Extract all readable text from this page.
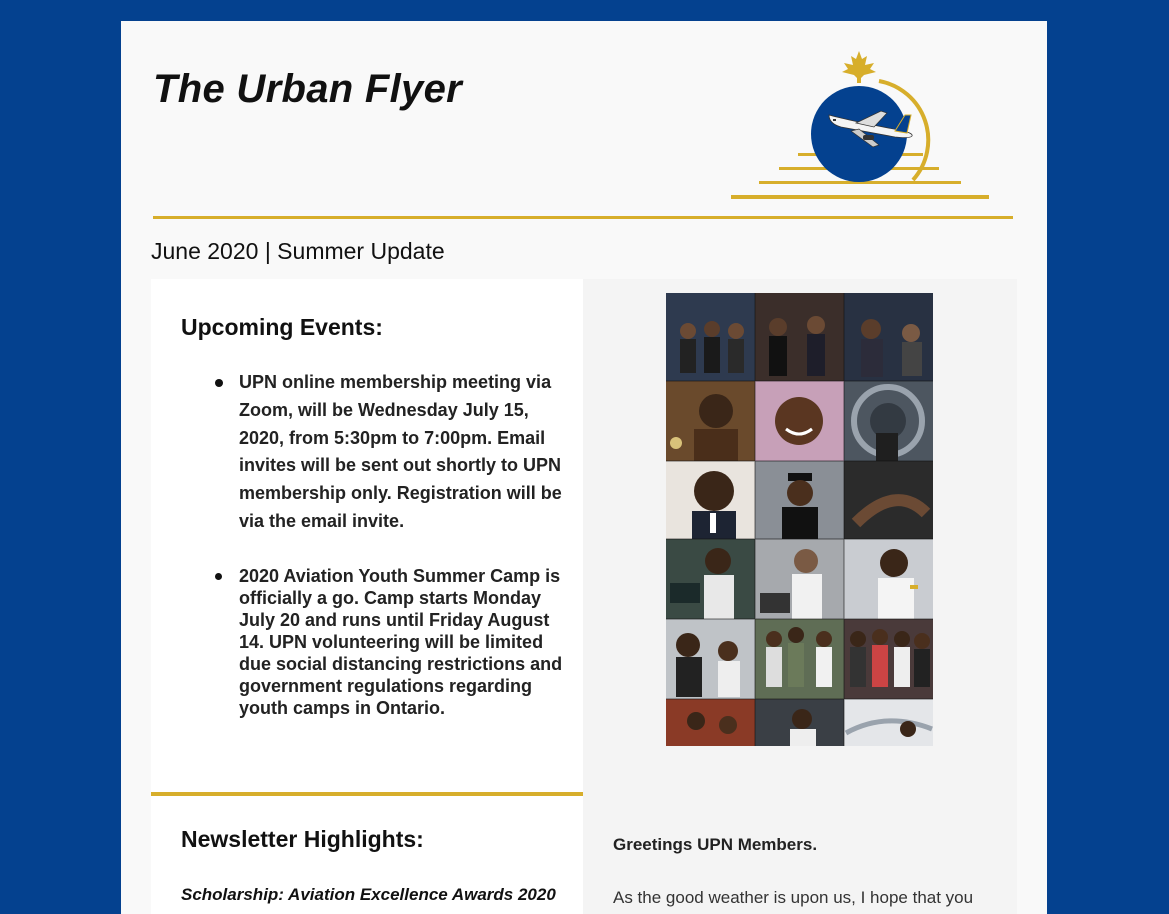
The Urban Flyer
June 2020 | Summer Update
Upcoming Events:
UPN online membership meeting via Zoom, will be Wednesday July 15, 2020, from 5:30pm to 7:00pm. Email invites will be sent out shortly to UPN membership only. Registration will be via the email invite.
2020 Aviation Youth Summer Camp is officially a go. Camp starts Monday July 20 and runs until Friday August 14. UPN volunteering will be limited due social distancing restrictions and government regulations regarding youth camps in Ontario.
Newsletter Highlights:
Scholarship: Aviation Excellence Awards 2020
Greetings UPN Members.
As the good weather is upon us, I hope that you
